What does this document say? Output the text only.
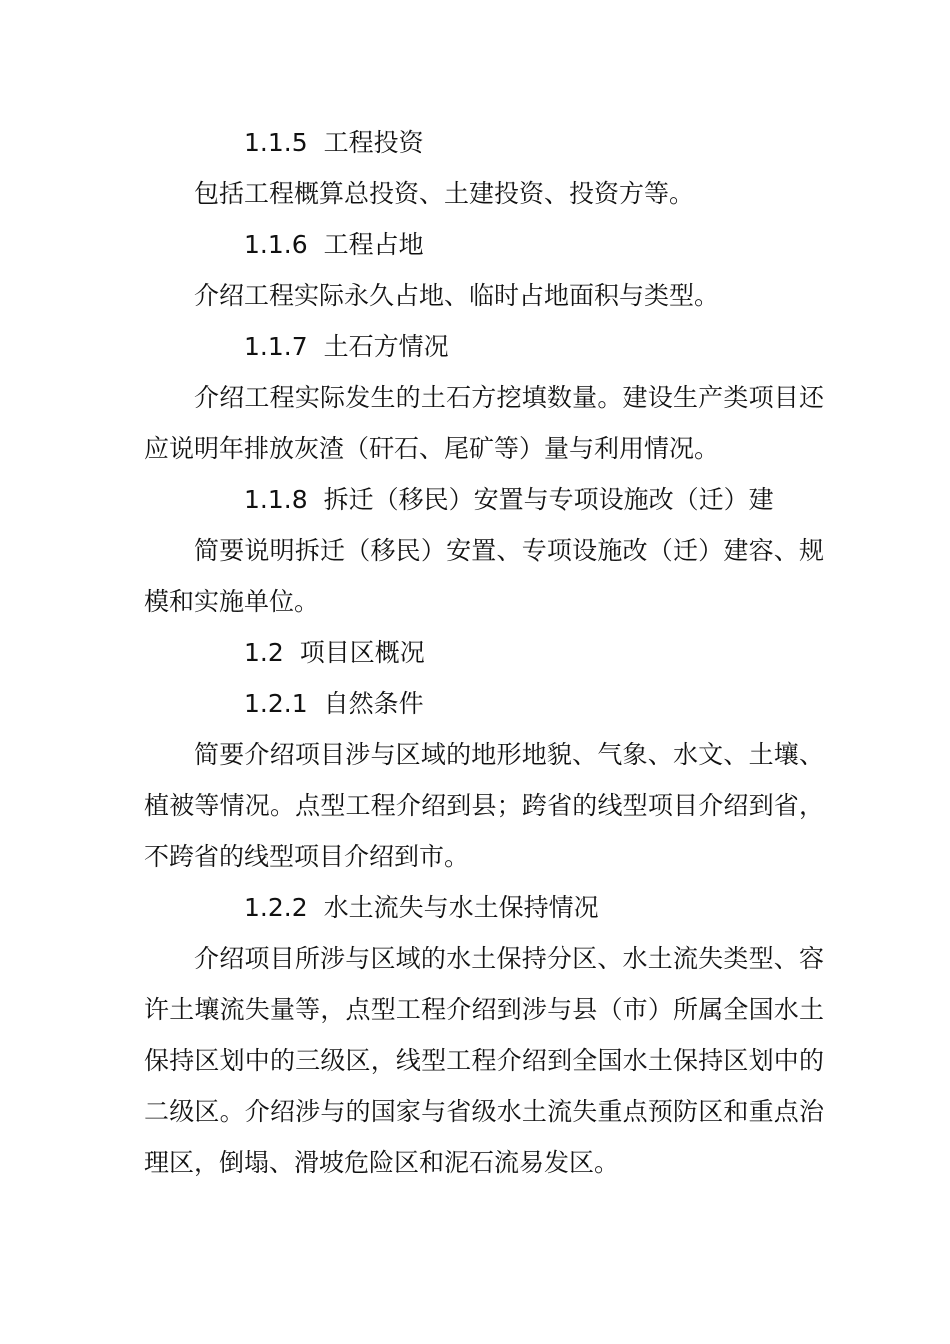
1.1.5 工程投资

包括工程概算总投资、土建投资、投资方等。

1.1.6 工程占地

介绍工程实际永久占地、临时占地面积与类型。

1.1.7 土石方情况

介绍工程实际发生的土石方挖填数量。建设生产类项目还应说明年排放灰渣（矸石、尾矿等）量与利用情况。

1.1.8 拆迁（移民）安置与专项设施改（迁）建

简要说明拆迁（移民）安置、专项设施改（迁）建容、规模和实施单位。

1.2 项目区概况

1.2.1 自然条件

简要介绍项目涉与区域的地形地貌、气象、水文、土壤、植被等情况。点型工程介绍到县；跨省的线型项目介绍到省，不跨省的线型项目介绍到市。

1.2.2 水土流失与水土保持情况

介绍项目所涉与区域的水土保持分区、水土流失类型、容许土壤流失量等，点型工程介绍到涉与县（市）所属全国水土保持区划中的三级区，线型工程介绍到全国水土保持区划中的二级区。介绍涉与的国家与省级水土流失重点预防区和重点治理区，倒塌、滑坡危险区和泥石流易发区。
